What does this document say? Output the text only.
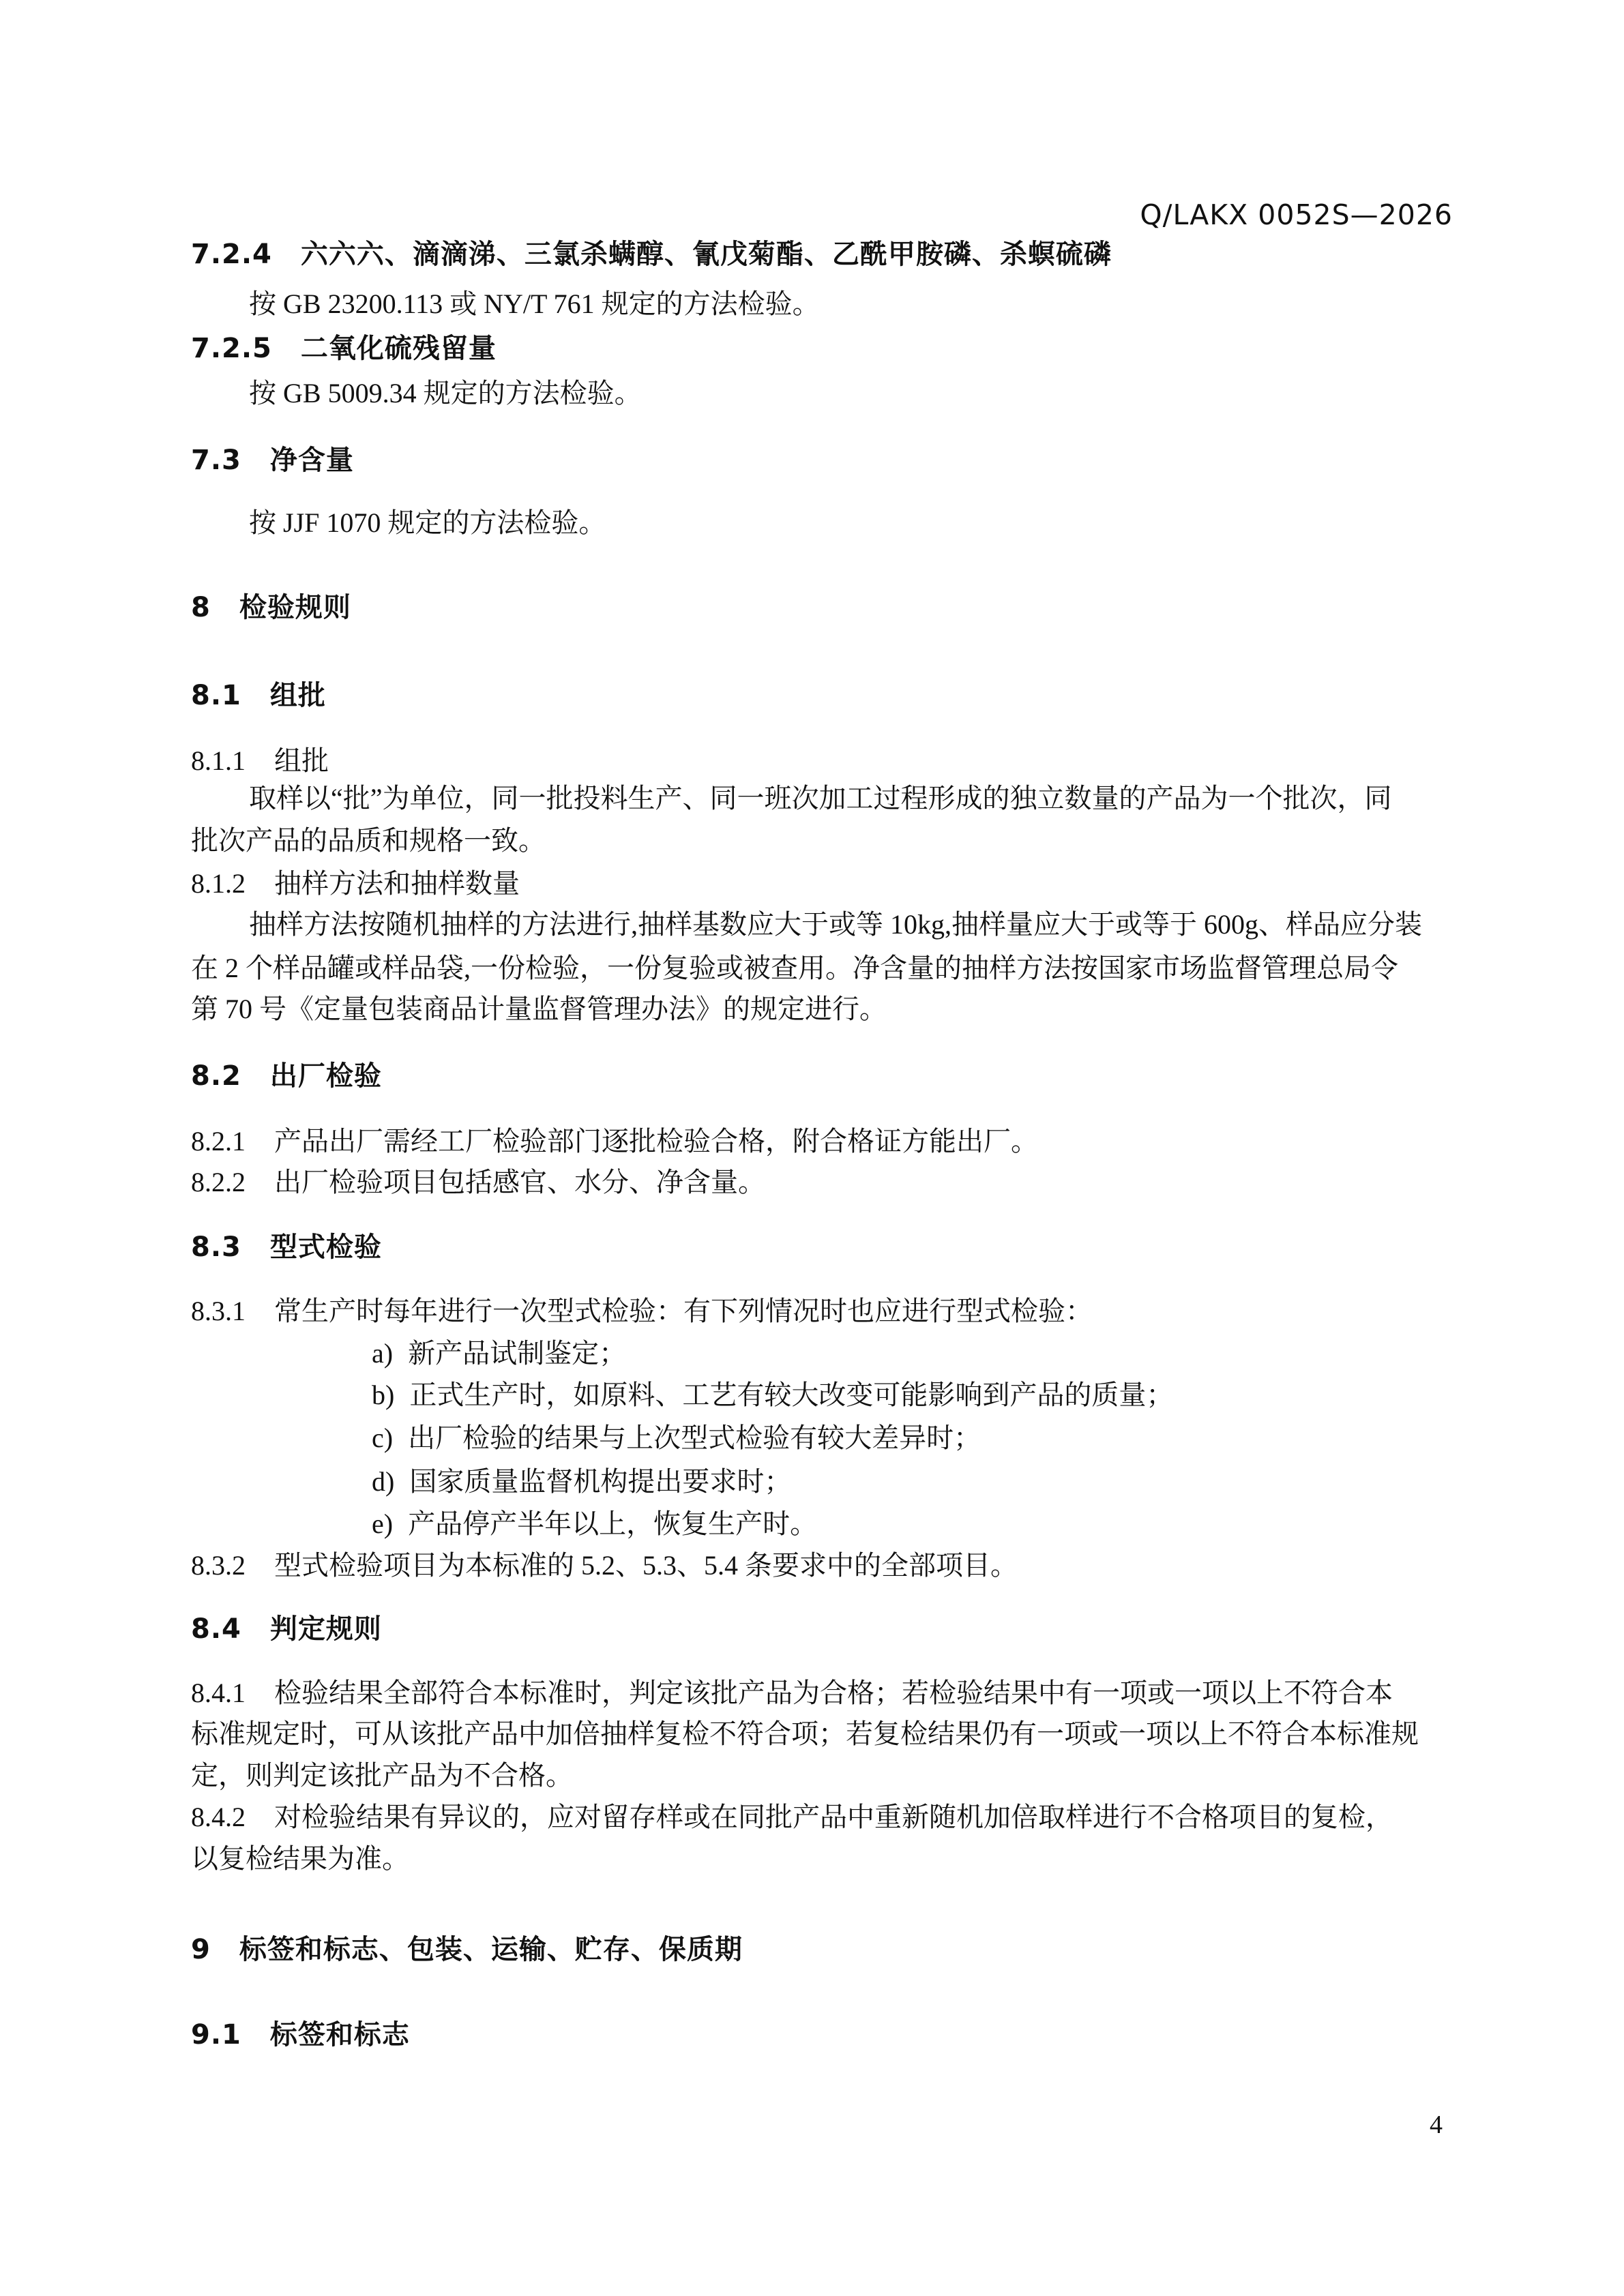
Q/LAKX 0052S—2026
7.2.4 六六六、滴滴涕、三氯杀螨醇、氰戊菊酯、乙酰甲胺磷、杀螟硫磷
按 GB 23200.113 或 NY/T 761 规定的方法检验。
7.2.5 二氧化硫残留量
按 GB 5009.34 规定的方法检验。
7.3 净含量
按 JJF 1070 规定的方法检验。
8 检验规则
8.1 组批
8.1.1 组批
取样以“批”为单位，同一批投料生产、同一班次加工过程形成的独立数量的产品为一个批次，同
批次产品的品质和规格一致。
8.1.2 抽样方法和抽样数量
抽样方法按随机抽样的方法进行,抽样基数应大于或等 10kg,抽样量应大于或等于 600g、样品应分装
在 2 个样品罐或样品袋,一份检验，一份复验或被查用。净含量的抽样方法按国家市场监督管理总局令
第 70 号《定量包装商品计量监督管理办法》的规定进行。
8.2 出厂检验
8.2.1 产品出厂需经工厂检验部门逐批检验合格，附合格证方能出厂。
8.2.2 出厂检验项目包括感官、水分、净含量。
8.3 型式检验
8.3.1 常生产时每年进行一次型式检验：有下列情况时也应进行型式检验：
a) 新产品试制鉴定；
b) 正式生产时，如原料、工艺有较大改变可能影响到产品的质量；
c) 出厂检验的结果与上次型式检验有较大差异时；
d) 国家质量监督机构提出要求时；
e) 产品停产半年以上，恢复生产时。
8.3.2 型式检验项目为本标准的 5.2、5.3、5.4 条要求中的全部项目。
8.4 判定规则
8.4.1 检验结果全部符合本标准时，判定该批产品为合格；若检验结果中有一项或一项以上不符合本
标准规定时，可从该批产品中加倍抽样复检不符合项；若复检结果仍有一项或一项以上不符合本标准规
定，则判定该批产品为不合格。
8.4.2 对检验结果有异议的，应对留存样或在同批产品中重新随机加倍取样进行不合格项目的复检，
以复检结果为准。
9 标签和标志、包装、运输、贮存、保质期
9.1 标签和标志
4
